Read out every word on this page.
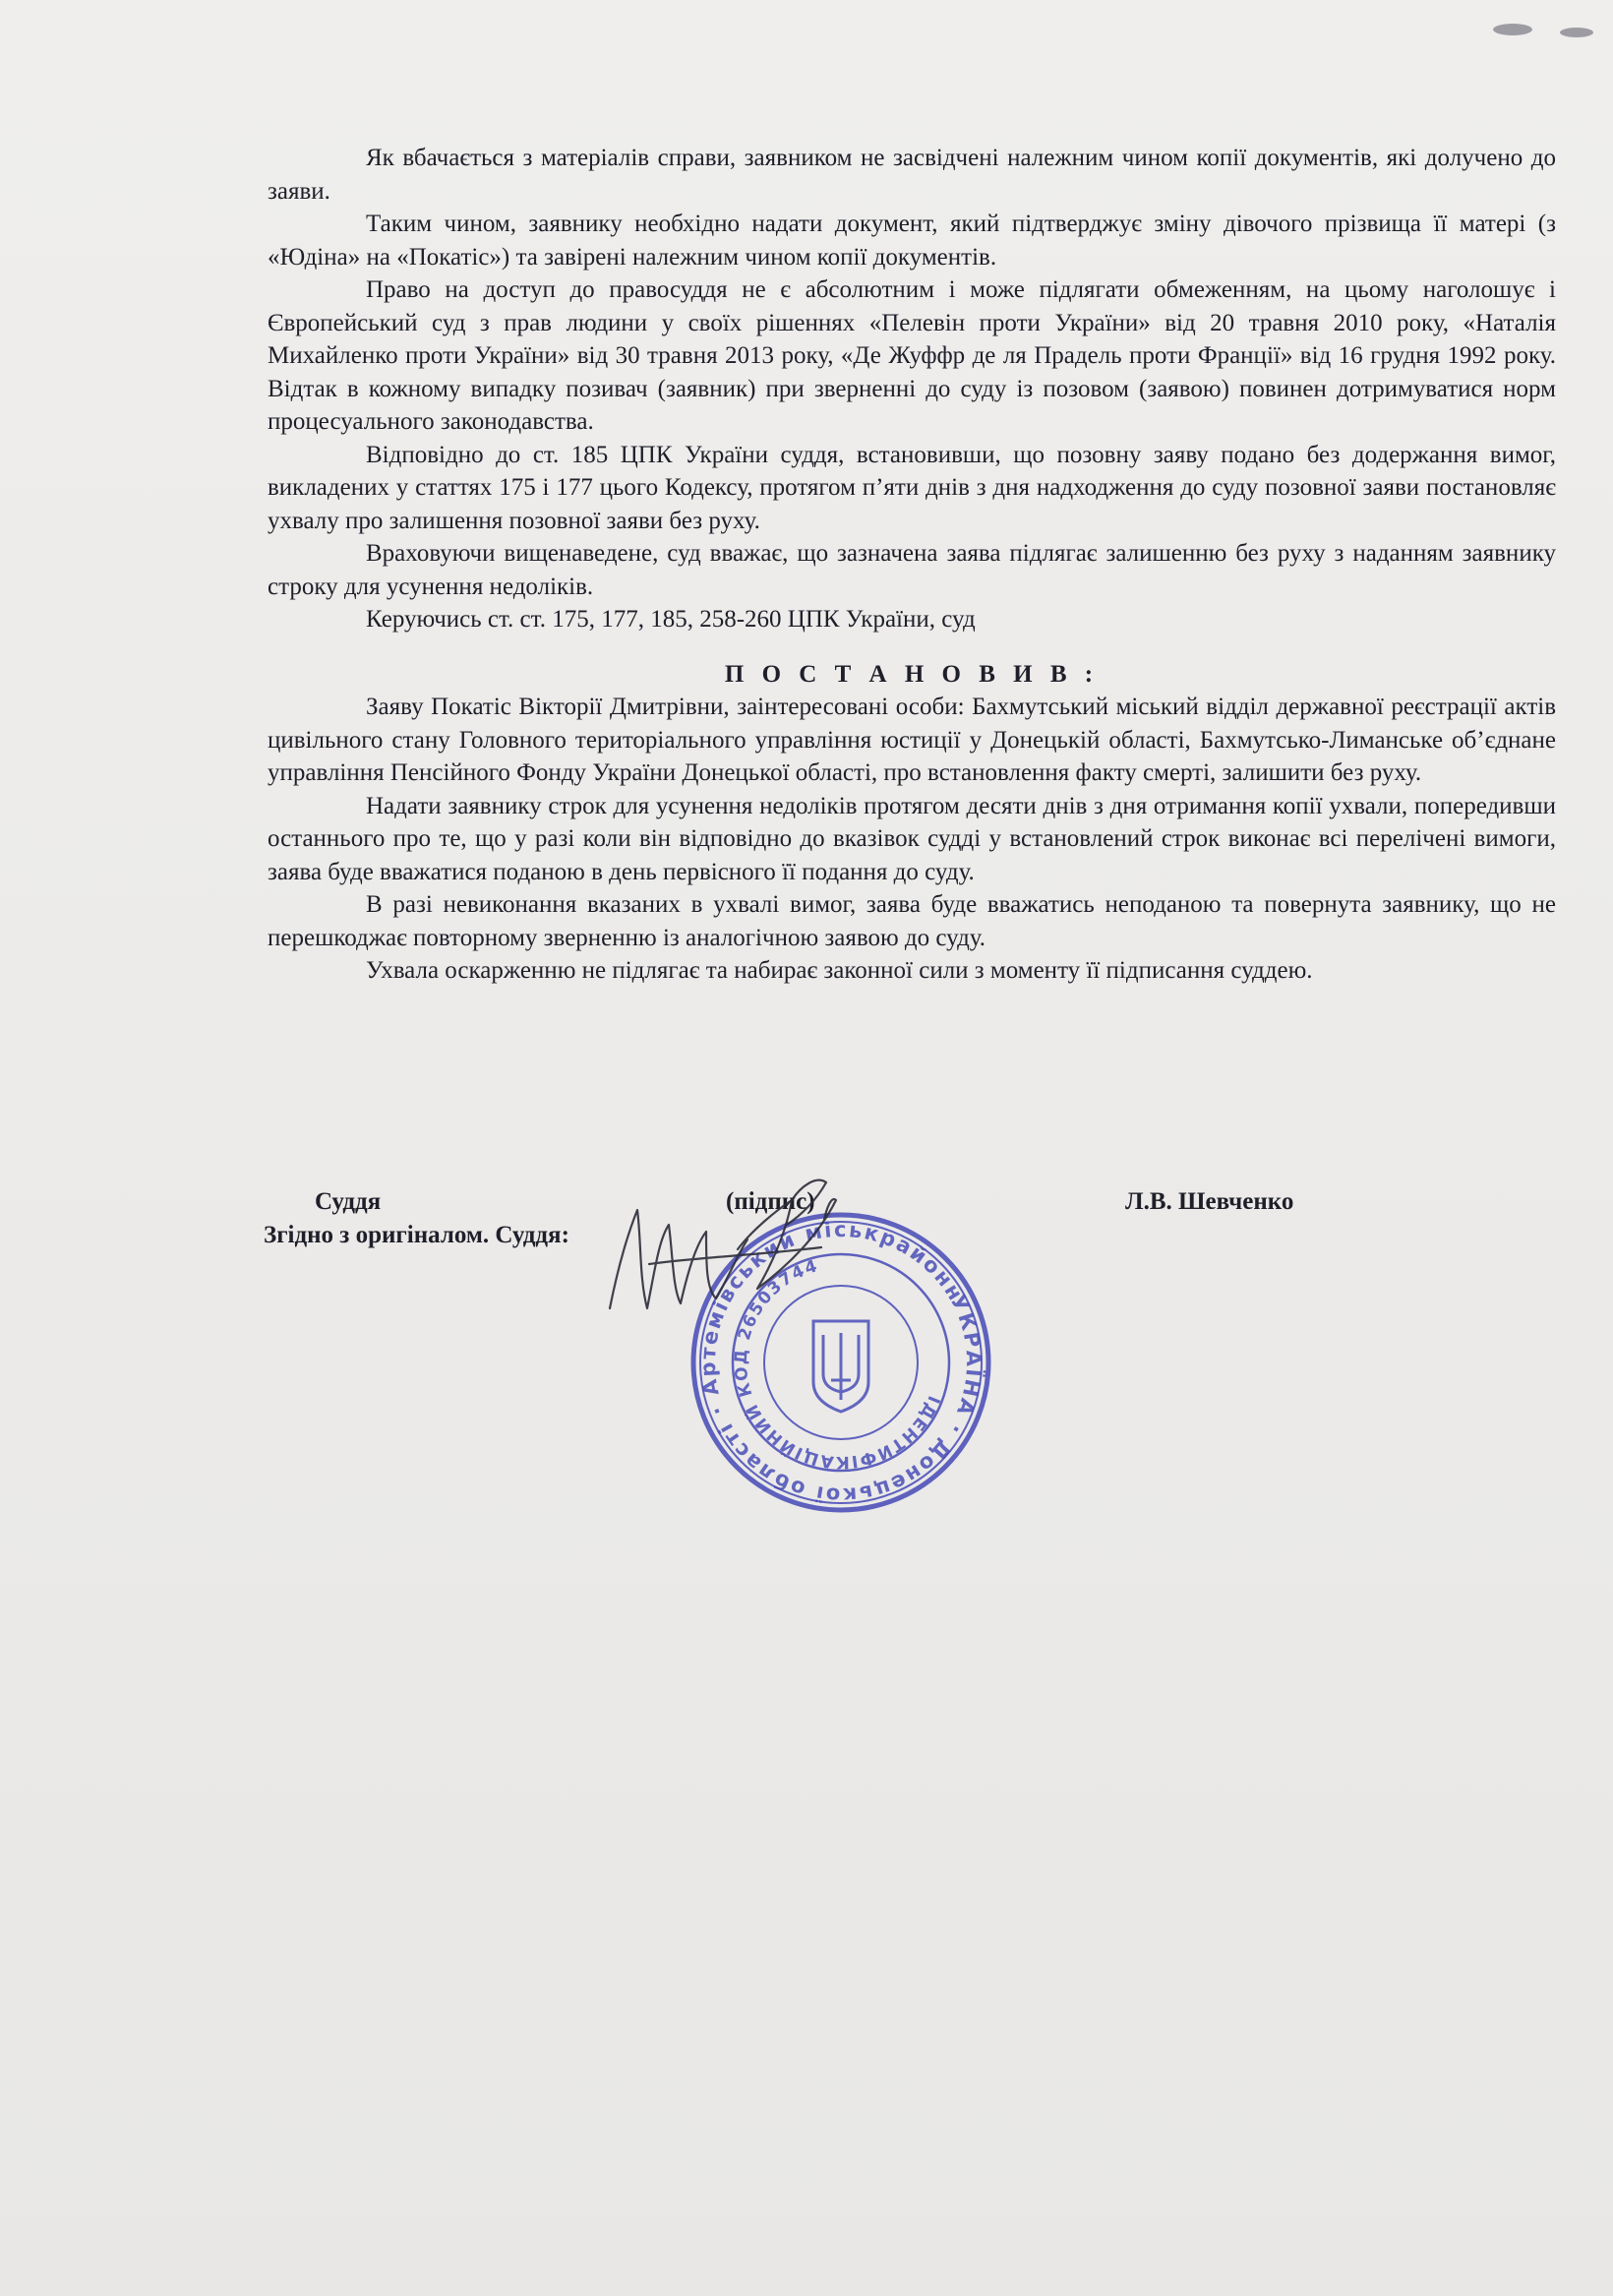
Як вбачається з матеріалів справи, заявником не засвідчені належним чином копії документів, які долучено до заяви.

Таким чином, заявнику необхідно надати документ, який підтверджує зміну дівочого прізвища її матері (з «Юдіна» на «Покатіс») та завірені належним чином копії документів.

Право на доступ до правосуддя не є абсолютним і може підлягати обмеженням, на цьому наголошує і Європейський суд з прав людини у своїх рішеннях «Пелевін проти України» від 20 травня 2010 року, «Наталія Михайленко проти України» від 30 травня 2013 року, «Де Жуффр де ля Прадель проти Франції» від 16 грудня 1992 року. Відтак в кожному випадку позивач (заявник) при зверненні до суду із позовом (заявою) повинен дотримуватися норм процесуального законодавства.

Відповідно до ст. 185 ЦПК України суддя, встановивши, що позовну заяву подано без додержання вимог, викладених у статтях 175 і 177 цього Кодексу, протягом п’яти днів з дня надходження до суду позовної заяви постановляє ухвалу про залишення позовної заяви без руху.

Враховуючи вищенаведене, суд вважає, що зазначена заява підлягає залишенню без руху з наданням заявнику строку для усунення недоліків.

Керуючись ст. ст. 175, 177, 185, 258-260 ЦПК України, суд

П О С Т А Н О В И В :

Заяву Покатіс Вікторії Дмитрівни, заінтересовані особи: Бахмутський міський відділ державної реєстрації актів цивільного стану Головного територіального управління юстиції у Донецькій області, Бахмутсько-Лиманське об’єднане управління Пенсійного Фонду України Донецької області, про встановлення факту смерті, залишити без руху.

Надати заявнику строк для усунення недоліків протягом десяти днів з дня отримання копії ухвали, попередивши останнього про те, що у разі коли він відповідно до вказівок судді у встановлений строк виконає всі перелічені вимоги, заява буде вважатися поданою в день первісного її подання до суду.

В разі невиконання вказаних в ухвалі вимог, заява буде вважатись неподаною та повернута заявнику, що не перешкоджає повторному зверненню із аналогічною заявою до суду.

Ухвала оскарженню не підлягає та набирає законної сили з моменту її підписання суддею.

Суддя	(підпис)	Л.В. Шевченко
Згідно з оригіналом. Суддя:
УКРАЇНА · Донецької області · Артемівський міськрайонний
ІДЕНТИФІКАЦІЙНИЙ КОД 26503744
